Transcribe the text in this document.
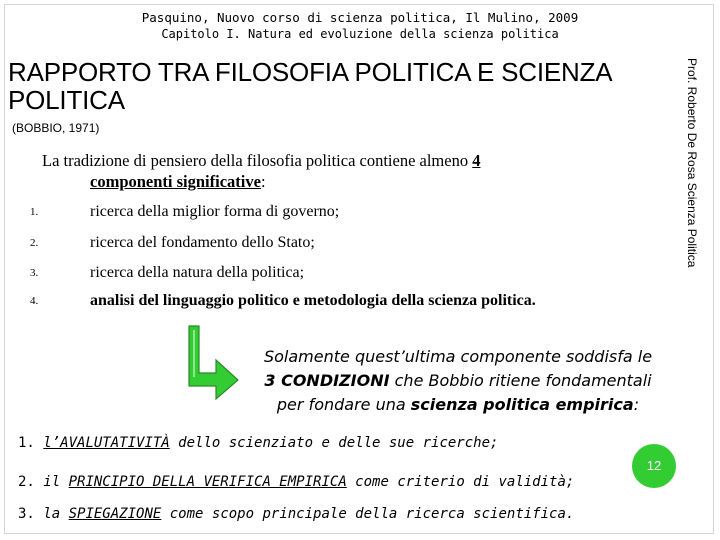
Pasquino, Nuovo corso di scienza politica, Il Mulino, 2009
Capitolo I. Natura ed evoluzione della scienza politica
RAPPORTO TRA FILOSOFIA POLITICA E SCIENZA POLITICA
(BOBBIO, 1971)	Prof. Roberto De Rosa Scienza Politica
La tradizione di pensiero della filosofia politica contiene almeno 4
componenti significative:
1.	ricerca della miglior forma di governo;
2.	ricerca del fondamento dello Stato;
3.	ricerca della natura della politica;
4.	analisi del linguaggio politico e metodologia della scienza politica.
Solamente quest’ultima componente soddisfa le
3 CONDIZIONI che Bobbio ritiene fondamentali
per fondare una scienza politica empirica:
1. l’AVALUTATIVITÀ dello scienziato e delle sue ricerche;
2. il PRINCIPIO DELLA VERIFICA EMPIRICA come criterio di validità;
3. la SPIEGAZIONE come scopo principale della ricerca scientifica.
12
